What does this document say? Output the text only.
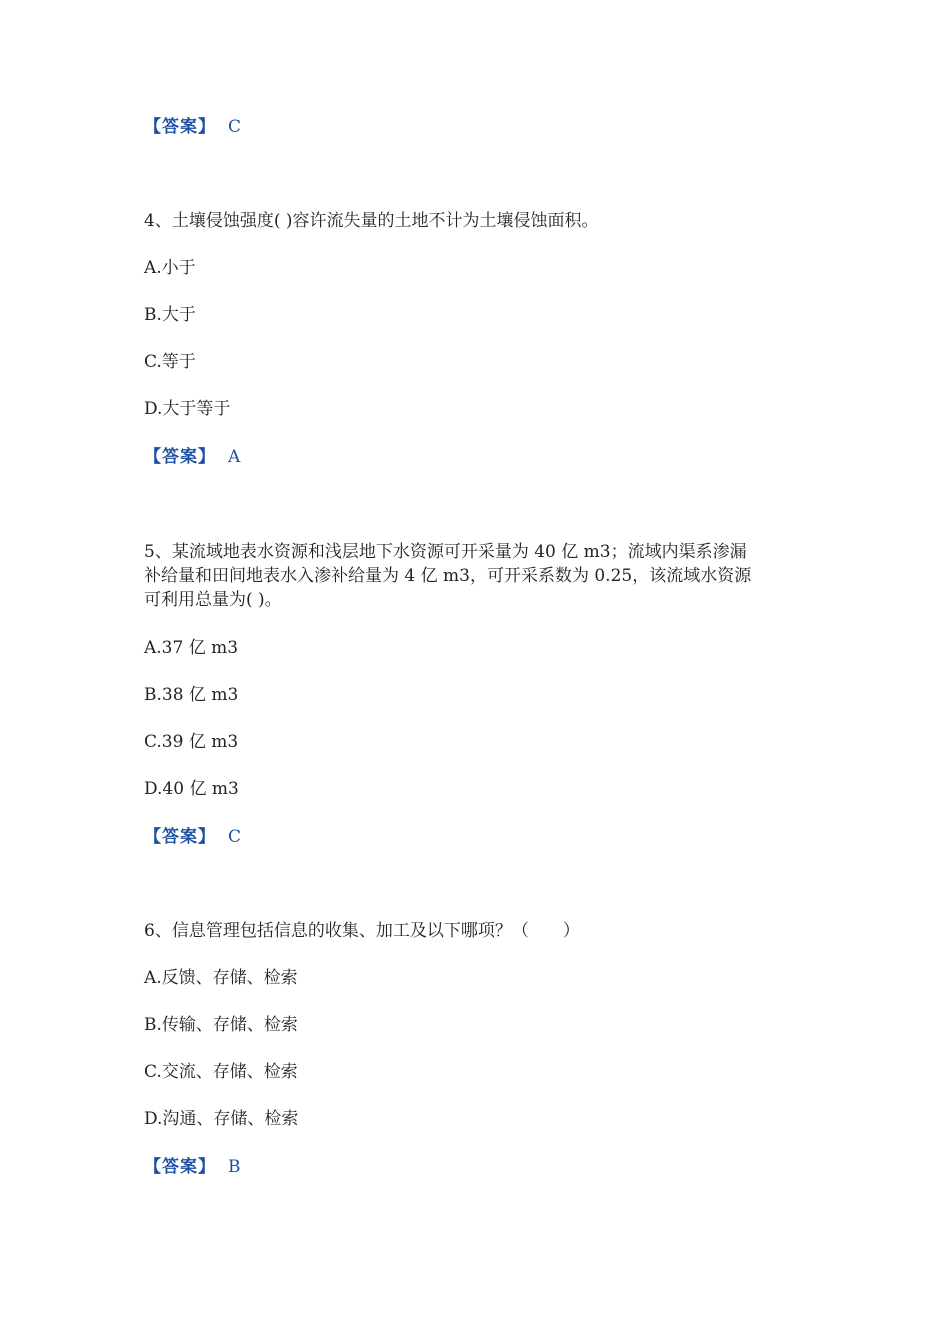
【答案】 C
4、土壤侵蚀强度( )容许流失量的土地不计为土壤侵蚀面积。
A.小于
B.大于
C.等于
D.大于等于
【答案】 A
5、某流域地表水资源和浅层地下水资源可开采量为 40 亿 m3；流域内渠系渗漏
补给量和田间地表水入渗补给量为 4 亿 m3，可开采系数为 0.25，该流域水资源
可利用总量为( )。
A.37 亿 m3
B.38 亿 m3
C.39 亿 m3
D.40 亿 m3
【答案】 C
6、信息管理包括信息的收集、加工及以下哪项？（　　）
A.反馈、存储、检索
B.传输、存储、检索
C.交流、存储、检索
D.沟通、存储、检索
【答案】 B
